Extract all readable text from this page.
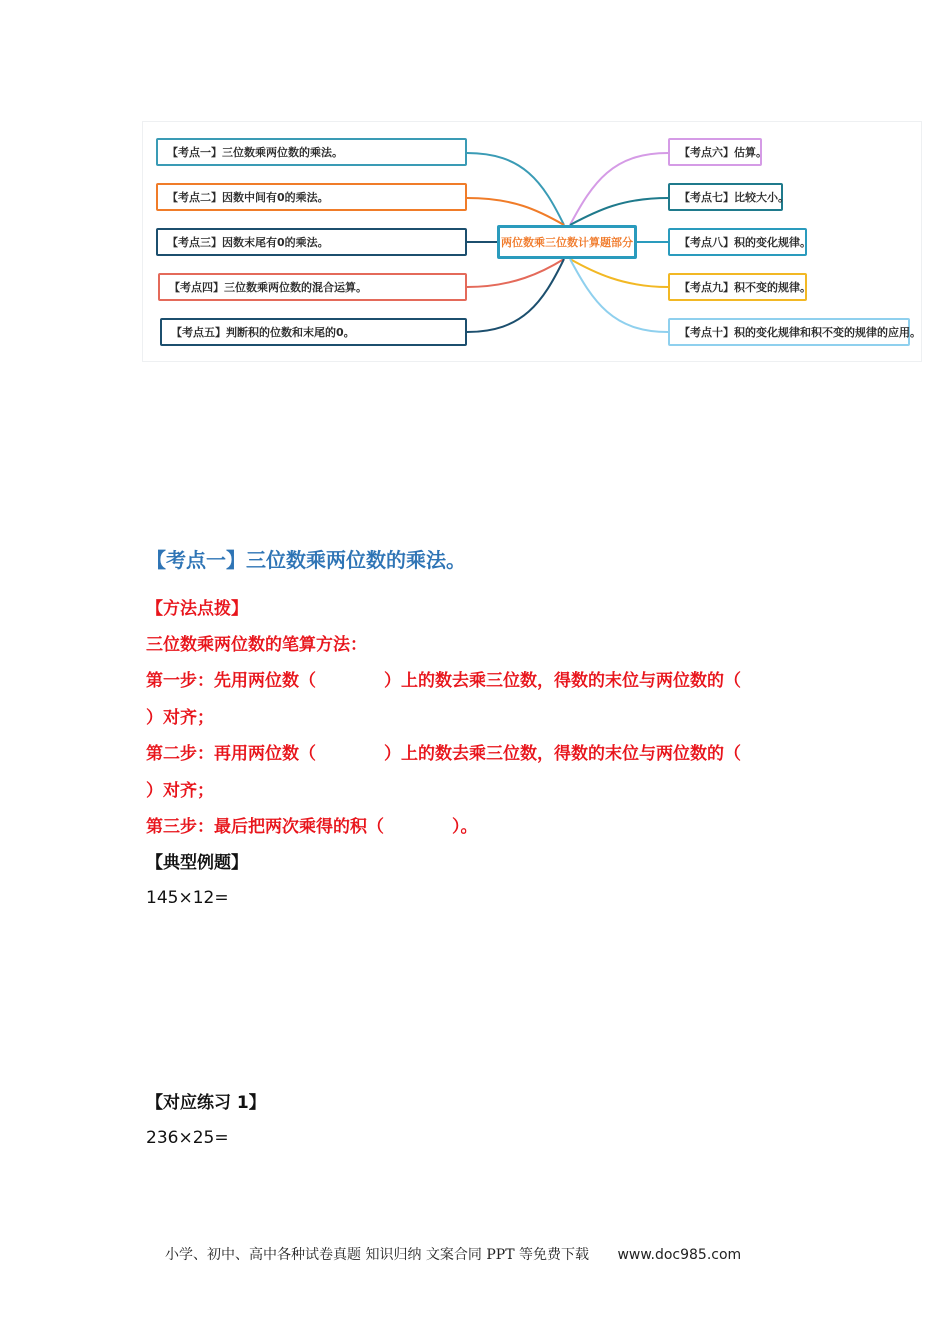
【考点一】三位数乘两位数的乘法。
【考点二】因数中间有0的乘法。
【考点三】因数末尾有0的乘法。
【考点四】三位数乘两位数的混合运算。
【考点五】判断积的位数和末尾的0。
两位数乘三位数计算题部分
【考点六】估算。
【考点七】比较大小。
【考点八】积的变化规律。
【考点九】积不变的规律。
【考点十】积的变化规律和积不变的规律的应用。
【考点一】三位数乘两位数的乘法。
【方法点拨】
三位数乘两位数的笔算方法：
第一步：先用两位数（　　　　）上的数去乘三位数，得数的末位与两位数的（
）对齐；
第二步：再用两位数（　　　　）上的数去乘三位数，得数的末位与两位数的（
）对齐；
第三步：最后把两次乘得的积（　　　　）。
【典型例题】
145×12=
【对应练习 1】
236×25=
小学、初中、高中各种试卷真题 知识归纳 文案合同 PPT 等免费下载 www.doc985.com
